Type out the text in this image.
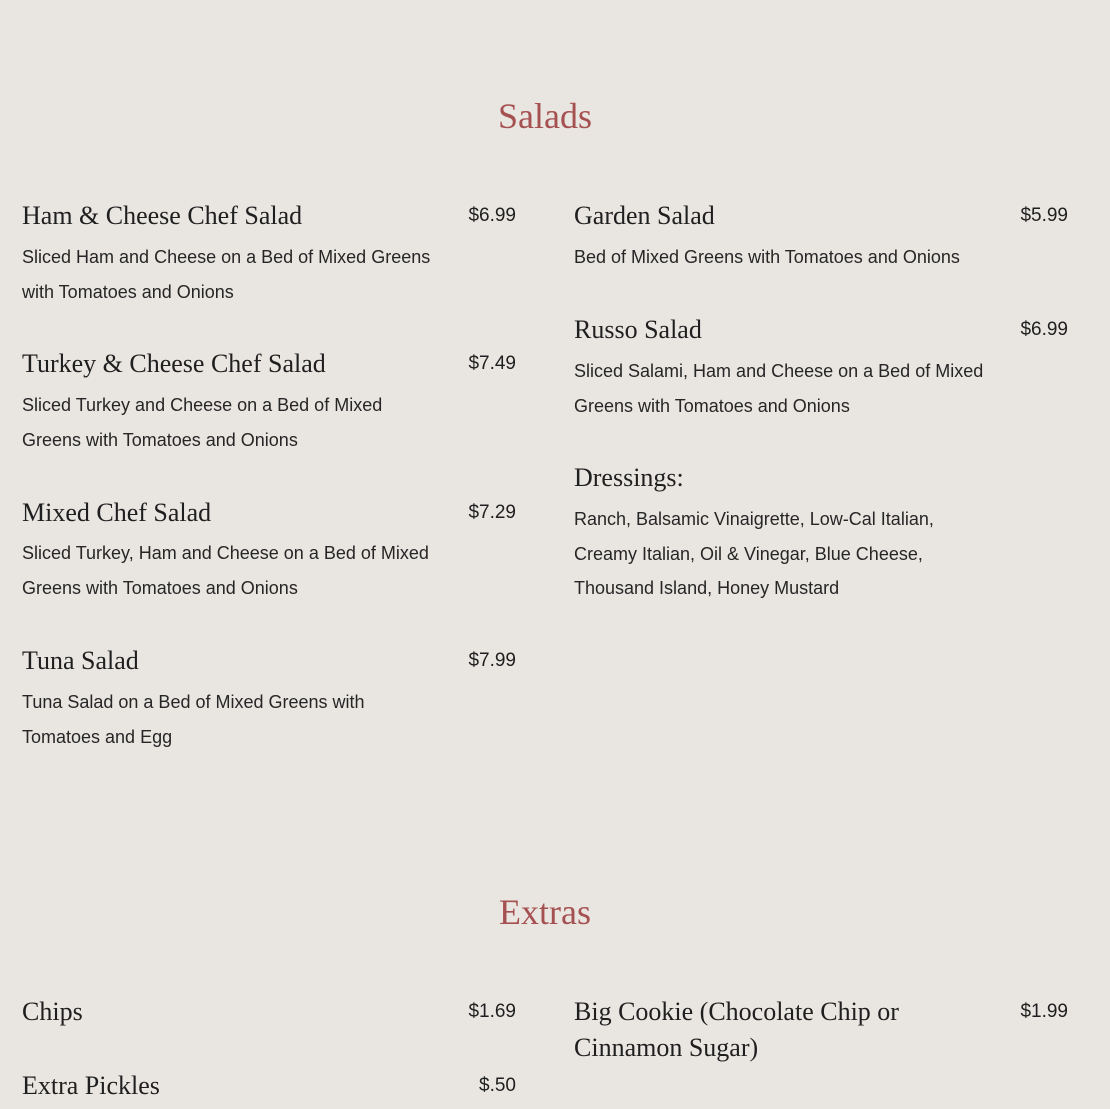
Salads
Ham & Cheese Chef Salad	$6.99
Sliced Ham and Cheese on a Bed of Mixed Greens with Tomatoes and Onions
Turkey & Cheese Chef Salad	$7.49
Sliced Turkey and Cheese on a Bed of Mixed Greens with Tomatoes and Onions
Mixed Chef Salad	$7.29
Sliced Turkey, Ham and Cheese on a Bed of Mixed Greens with Tomatoes and Onions
Tuna Salad	$7.99
Tuna Salad on a Bed of Mixed Greens with Tomatoes and Egg
Garden Salad	$5.99
Bed of Mixed Greens with Tomatoes and Onions
Russo Salad	$6.99
Sliced Salami, Ham and Cheese on a Bed of Mixed Greens with Tomatoes and Onions
Dressings:
Ranch, Balsamic Vinaigrette, Low-Cal Italian, Creamy Italian, Oil & Vinegar, Blue Cheese, Thousand Island, Honey Mustard
Extras
Chips	$1.69
Extra Pickles	$.50
Big Cookie (Chocolate Chip or Cinnamon Sugar)
$1.99
